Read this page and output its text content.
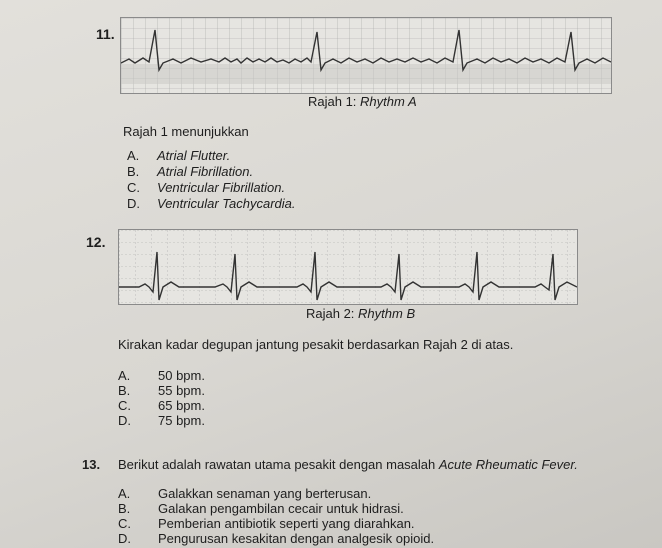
11.
Rajah 1: Rhythm A
Rajah 1 menunjukkan
A. Atrial Flutter.
B. Atrial Fibrillation.
C. Ventricular Fibrillation.
D. Ventricular Tachycardia.
12.
Rajah 2: Rhythm B
Kirakan kadar degupan jantung pesakit berdasarkan Rajah 2 di atas.
A. 50 bpm.
B. 55 bpm.
C. 65 bpm.
D. 75 bpm.
13. Berikut adalah rawatan utama pesakit dengan masalah Acute Rheumatic Fever.
A. Galakkan senaman yang berterusan.
B. Galakan pengambilan cecair untuk hidrasi.
C. Pemberian antibiotik seperti yang diarahkan.
D. Pengurusan kesakitan dengan analgesik opioid.
